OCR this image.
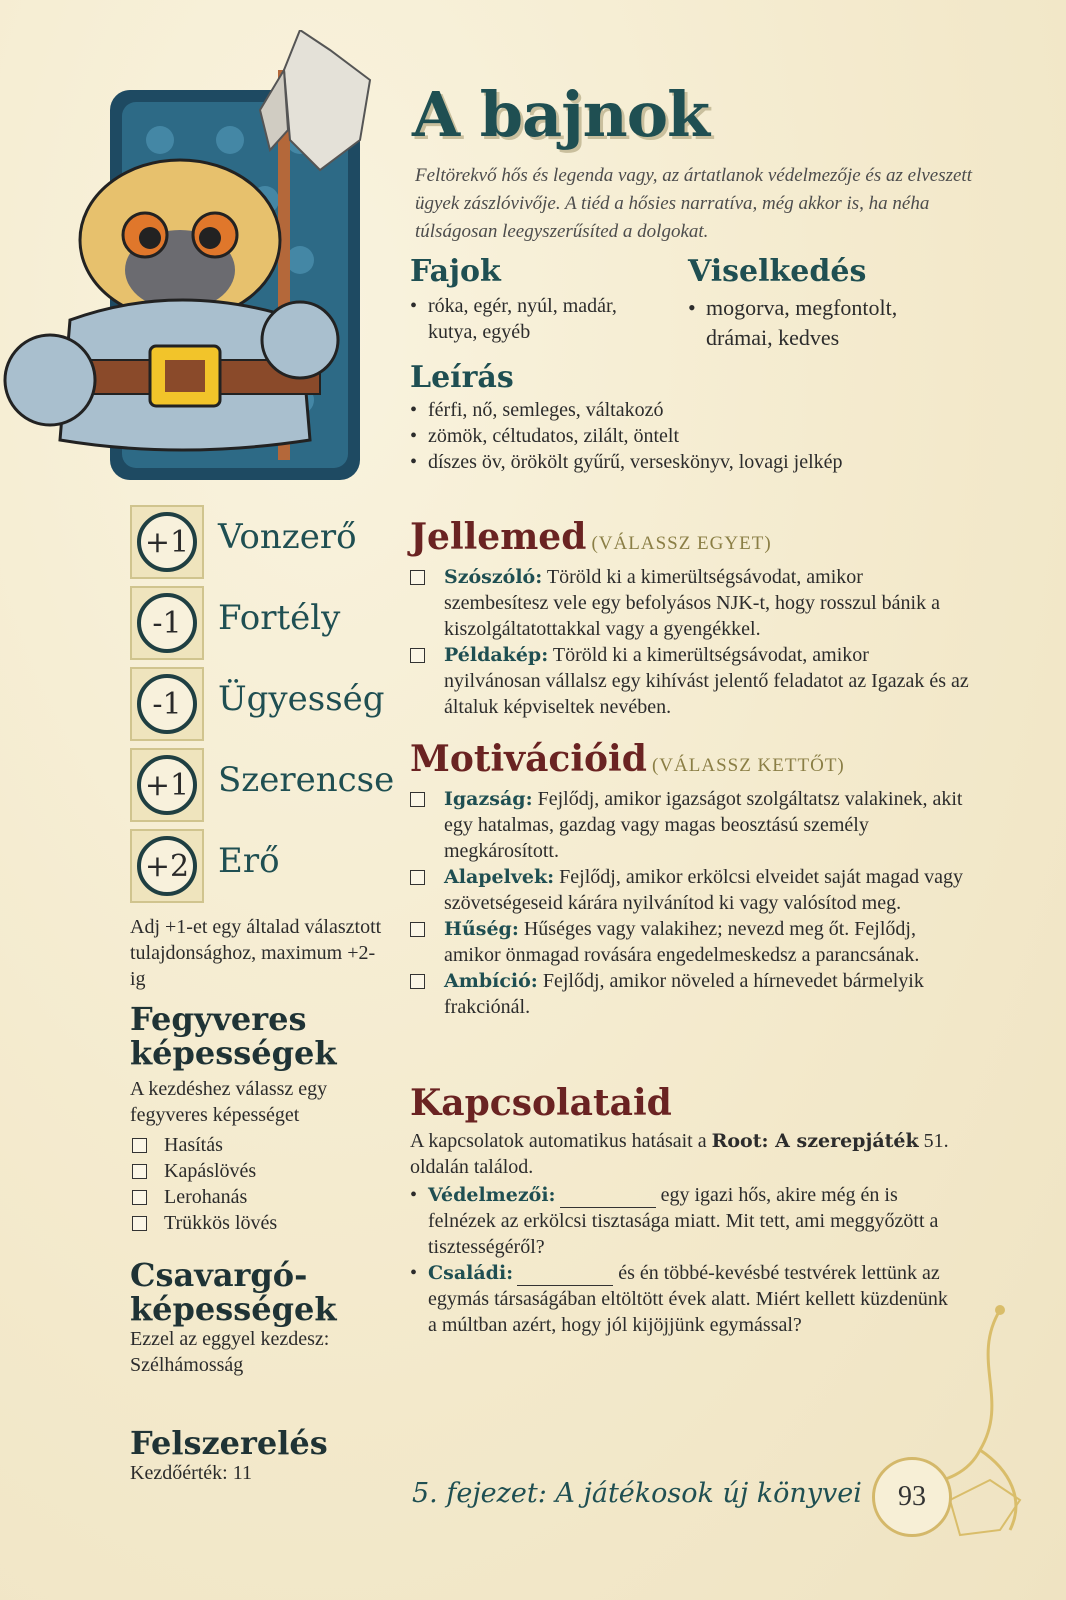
A bajnok
Feltörekvő hős és legenda vagy, az ártatlanok védelmezője és az elveszett ügyek zászlóvivője. A tiéd a hősies narratíva, még akkor is, ha néha túlságosan leegyszerűsíted a dolgokat.
Fajok
• róka, egér, nyúl, madár, kutya, egyéb
Viselkedés
• mogorva, megfontolt, drámai, kedves
Leírás
• férfi, nő, semleges, váltakozó
• zömök, céltudatos, zilált, öntelt
• díszes öv, örökölt gyűrű, verseskönyv, lovagi jelkép
+1 Vonzerő
-1	Fortély
-1	Ügyesség
+1 Szerencse
+2 Erő
Adj +1-et egy általad választott tulajdonsághoz, maximum +2-ig
Fegyveres
képességek
A kezdéshez válassz egy fegyveres képességet
Hasítás
Kapáslövés
Lerohanás
Trükkös lövés
Csavargó-
képességek
Ezzel az eggyel kezdesz: Szélhámosság
Felszerelés
Kezdőérték: 11
Jellemed (VÁLASSZ EGYET)
Szószóló: Töröld ki a kimerültségsávodat, amikor szembesítesz vele egy befolyásos NJK-t, hogy rosszul bánik a kiszolgáltatottakkal vagy a gyengékkel.
Példakép: Töröld ki a kimerültségsávodat, amikor nyilvánosan vállalsz egy kihívást jelentő feladatot az Igazak és az általuk képviseltek nevében.
Motivációid (VÁLASSZ KETTŐT)
Igazság: Fejlődj, amikor igazságot szolgáltatsz valakinek, akit egy hatalmas, gazdag vagy magas beosztású személy megkárosított.
Alapelvek: Fejlődj, amikor erkölcsi elveidet saját magad vagy szövetségeseid kárára nyilvánítod ki vagy valósítod meg.
Hűség: Hűséges vagy valakihez; nevezd meg őt. Fejlődj, amikor önmagad rovására engedelmeskedsz a parancsának.
Ambíció: Fejlődj, amikor növeled a hírnevedet bármelyik frakciónál.
Kapcsolataid
A kapcsolatok automatikus hatásait a Root: A szerepjáték 51. oldalán találod.
• Védelmezői:	egy igazi hős, akire még én is felnézek az erkölcsi tisztasága miatt. Mit tett, ami meggyőzött a tisztességéről?
• Családi:	és én többé-kevésbé testvérek lettünk az egymás társaságában eltöltött évek alatt. Miért kellett küzdenünk a múltban azért, hogy jól kijöjjünk egymással?
5. fejezet: A játékosok új könyvei	93
